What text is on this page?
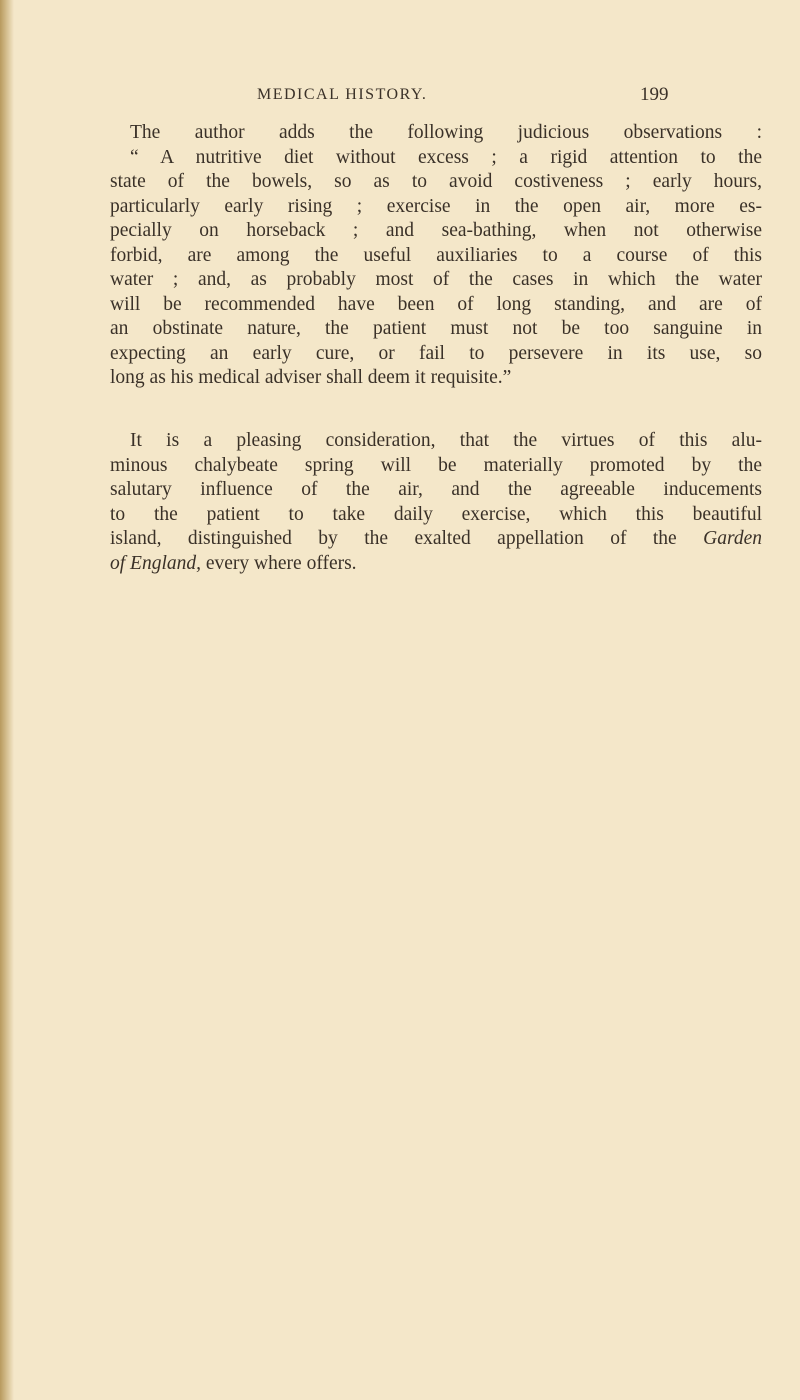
MEDICAL HISTORY.	199
The author adds the following judicious observations :
“ A nutritive diet without excess ; a rigid attention to the
state of the bowels, so as to avoid costiveness ; early hours,
particularly early rising ; exercise in the open air, more es-
pecially on horseback ; and sea-bathing, when not otherwise
forbid, are among the useful auxiliaries to a course of this
water ; and, as probably most of the cases in which the water
will be recommended have been of long standing, and are of
an obstinate nature, the patient must not be too sanguine in
expecting an early cure, or fail to persevere in its use, so
long as his medical adviser shall deem it requisite.”
It is a pleasing consideration, that the virtues of this alu-
minous chalybeate spring will be materially promoted by the
salutary influence of the air, and the agreeable inducements
to the patient to take daily exercise, which this beautiful
island, distinguished by the exalted appellation of the Garden
of England, every where offers.
